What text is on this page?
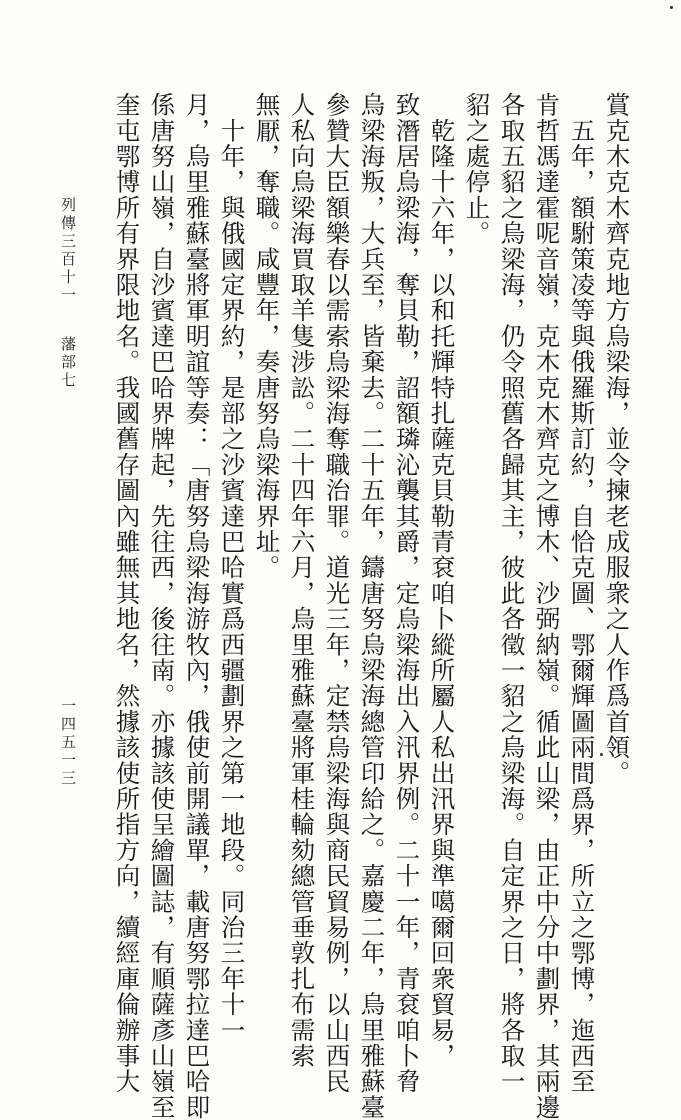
賞克木克木齊克地方烏梁海，並令揀老成服衆之人作爲首領。
　五年，額駙策凌等與俄羅斯訂約，自恰克圖、鄂爾輝圖兩間爲界，所立之鄂博，迤西至
肯哲馮達霍呢音嶺，克木克木齊克之博木、沙弼納嶺。循此山梁，由正中分中劃界，其兩邊
各取五貂之烏梁海，仍令照舊各歸其主，彼此各徵一貂之烏梁海。自定界之日，將各取一
貂之處停止。
　乾隆十六年，以和托輝特扎薩克貝勒青袞咱卜縱所屬人私出汛界與準噶爾回衆貿易，
致潛居烏梁海，奪貝勒，詔額璘沁襲其爵，定烏梁海出入汛界例。二十一年，青袞咱卜脅
烏梁海叛，大兵至，皆棄去。二十五年，鑄唐努烏梁海總管印給之。嘉慶二年，烏里雅蘇臺
參贊大臣額樂春以需索烏梁海奪職治罪。道光三年，定禁烏梁海與商民貿易例，以山西民
人私向烏梁海買取羊隻涉訟。二十四年六月，烏里雅蘇臺將軍桂輪劾總管垂敦扎布需索
無厭，奪職。咸豐年，奏唐努烏梁海界址。
　十年，與俄國定界約，是部之沙賓達巴哈實爲西疆劃界之第一地段。同治三年十一
月，烏里雅蘇臺將軍明誼等奏：「唐努烏梁海游牧內，俄使前開議單，載唐努鄂拉達巴哈即
係唐努山嶺，自沙賓達巴哈界牌起，先往西，後往南。亦據該使呈繪圖誌，有順薩彥山嶺至
奎屯鄂博所有界限地名。我國舊存圖內雖無其地名，然據該使所指方向，續經庫倫辦事大
列傳三百十一
藩部七
一四五一三
